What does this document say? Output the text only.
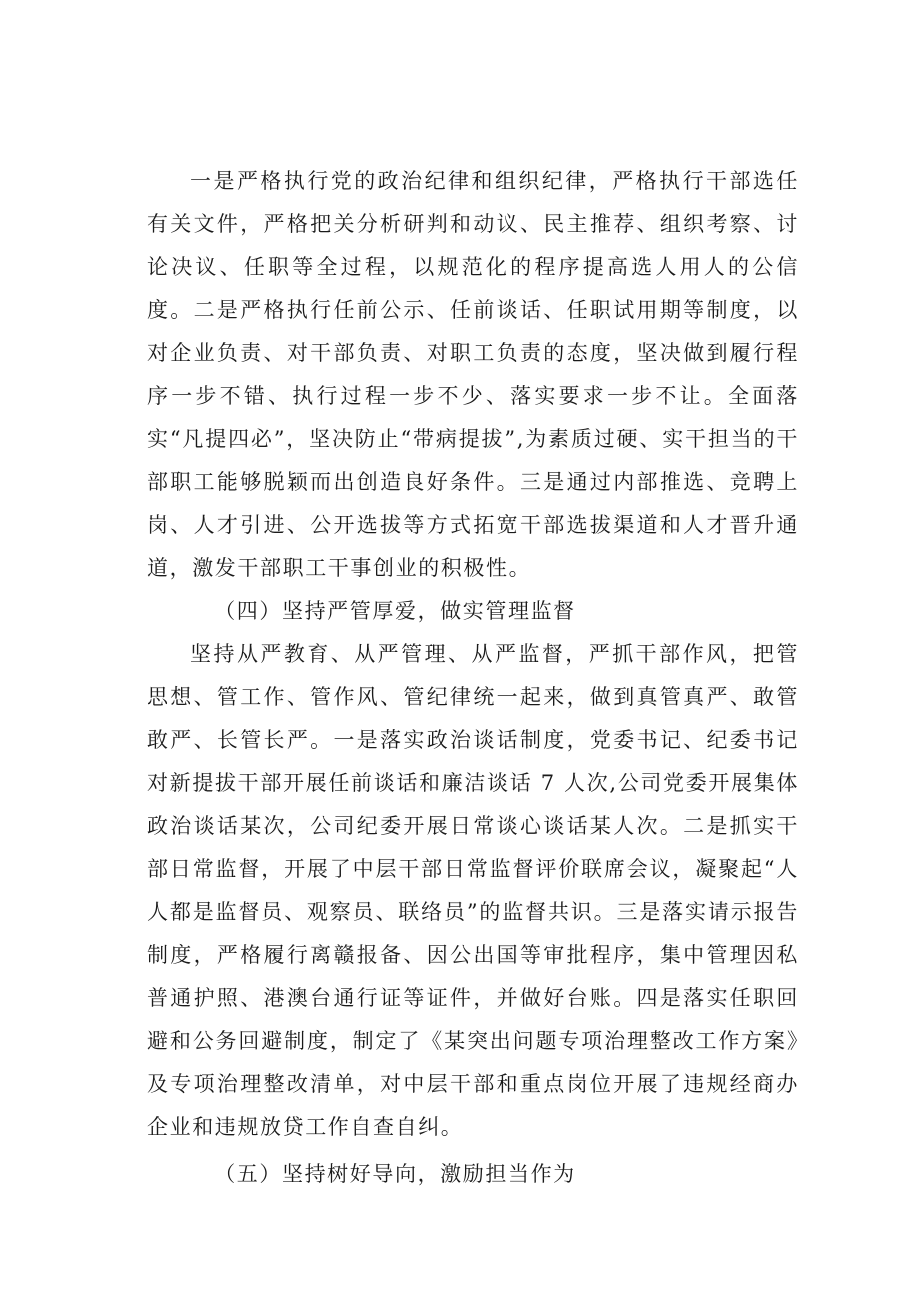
一是严格执行党的政治纪律和组织纪律，严格执行干部选任有关文件，严格把关分析研判和动议、民主推荐、组织考察、讨论决议、任职等全过程，以规范化的程序提高选人用人的公信度。二是严格执行任前公示、任前谈话、任职试用期等制度，以对企业负责、对干部负责、对职工负责的态度，坚决做到履行程序一步不错、执行过程一步不少、落实要求一步不让。全面落实“凡提四必”，坚决防止“带病提拔”,为素质过硬、实干担当的干部职工能够脱颖而出创造良好条件。三是通过内部推选、竞聘上岗、人才引进、公开选拔等方式拓宽干部选拔渠道和人才晋升通道，激发干部职工干事创业的积极性。

（四）坚持严管厚爱，做实管理监督

坚持从严教育、从严管理、从严监督，严抓干部作风，把管思想、管工作、管作风、管纪律统一起来，做到真管真严、敢管敢严、长管长严。一是落实政治谈话制度，党委书记、纪委书记对新提拔干部开展任前谈话和廉洁谈话 7 人次,公司党委开展集体政治谈话某次，公司纪委开展日常谈心谈话某人次。二是抓实干部日常监督，开展了中层干部日常监督评价联席会议，凝聚起“人人都是监督员、观察员、联络员”的监督共识。三是落实请示报告制度，严格履行离赣报备、因公出国等审批程序，集中管理因私普通护照、港澳台通行证等证件，并做好台账。四是落实任职回避和公务回避制度，制定了《某突出问题专项治理整改工作方案》及专项治理整改清单，对中层干部和重点岗位开展了违规经商办企业和违规放贷工作自查自纠。

（五）坚持树好导向，激励担当作为
